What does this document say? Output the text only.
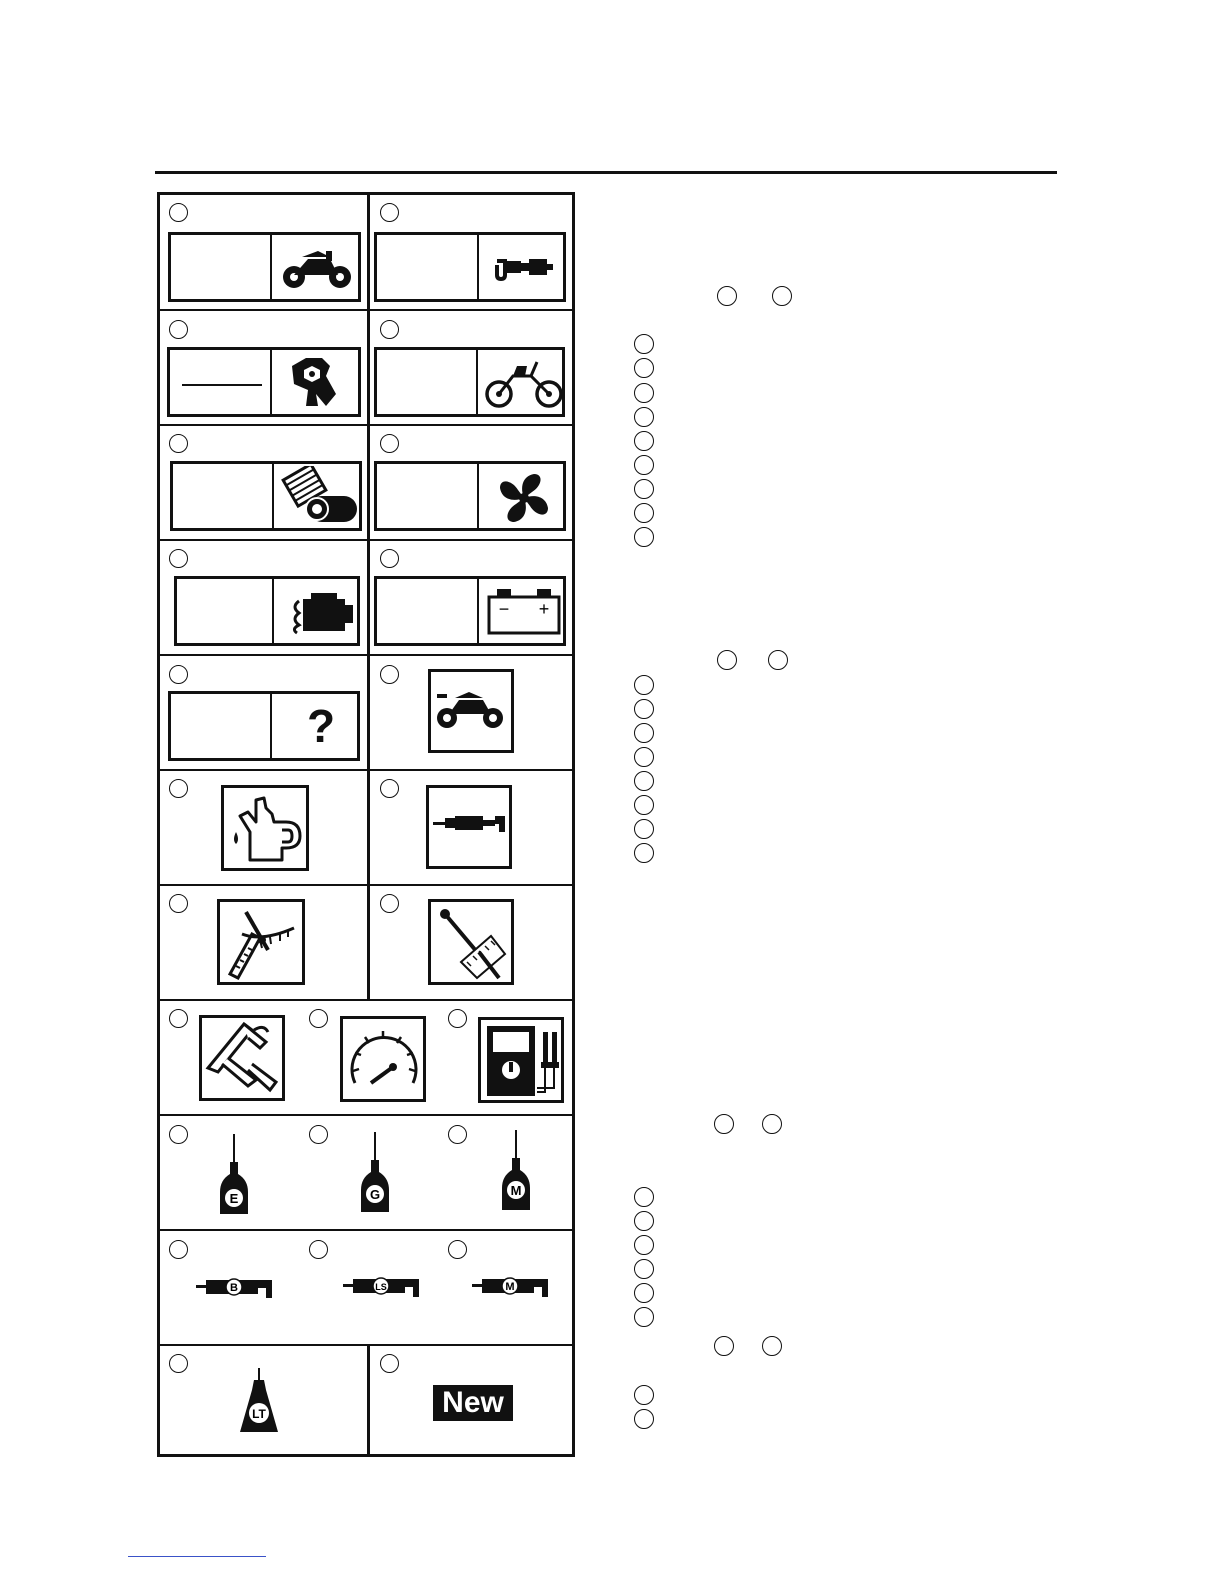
− +
?
E	G	M
B	LS	M
LT	New
